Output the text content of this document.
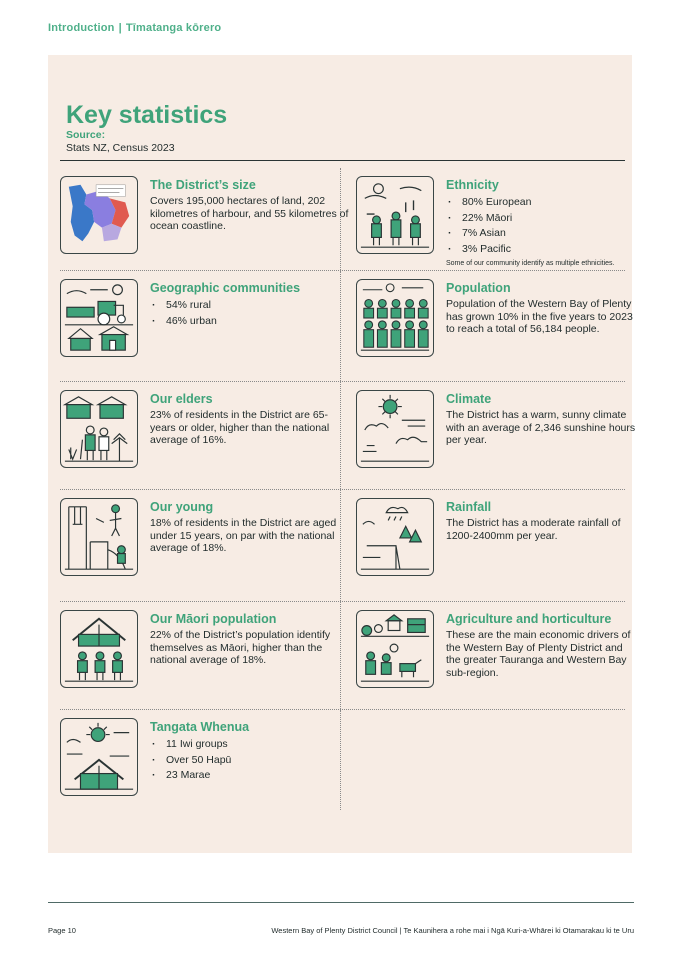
Introduction | Tīmatanga kōrero
Key statistics
Source:
Stats NZ, Census 2023
The District’s size
Covers 195,000 hectares of land, 202 kilometres of harbour, and 55 kilometres of ocean coastline.
Ethnicity
· 80% European
· 22% Māori
· 7% Asian
· 3% Pacific
Some of our community identify as multiple ethnicities.
Geographic communities
· 54% rural
· 46% urban
Population
Population of the Western Bay of Plenty has grown 10% in the five years to 2023 to reach a total of 56,184 people.
Our elders
23% of residents in the District are 65-years or older, higher than the national average of 16%.
Climate
The District has a warm, sunny climate with an average of 2,346 sunshine hours per year.
Our young
18% of residents in the District are aged under 15 years, on par with the national average of 18%.
Rainfall
The District has a moderate rainfall of 1200-2400mm per year.
Our Māori population
22% of the District’s population identify themselves as Māori, higher than the national average of 18%.
Agriculture and horticulture
These are the main economic drivers of the Western Bay of Plenty District and the greater Tauranga and Western Bay sub-region.
Tangata Whenua
· 11 Iwi groups
· Over 50 Hapū
· 23 Marae
Page 10	Western Bay of Plenty District Council | Te Kaunihera a rohe mai i Ngā Kuri-a-Whārei ki Otamarakau ki te Uru
